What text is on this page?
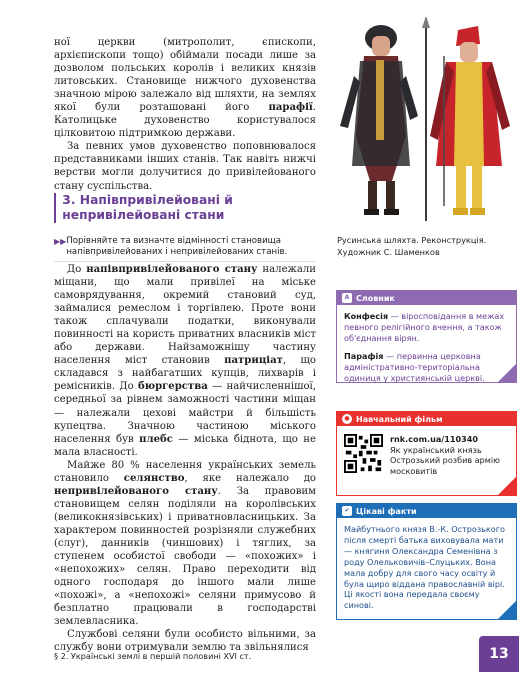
ної церкви (митрополит, єпископи, архієпископи тощо) обіймали посади лише за дозволом польських королів і великих князів литовських. Становище нижчого духовенства значною мірою залежало від шляхти, на землях якої були розташовані його парафії. Католицьке духовенство користувалося цілковитою підтримкою держави.

За певних умов духовенство поповнювалося представниками інших станів. Так навіть нижчі верстви могли долучитися до привілейованого стану суспільства.

3. Напівпривілейовані й непривілейовані стани
▶▶ Порівняйте та визначте відмінності становища напівпривілейованих і непривілейованих станів.

До напівпривілейованого стану належали міщани, що мали привілеї на міське самоврядування, окремий становий суд, займалися ремеслом і торгівлею. Проте вони також сплачували податки, виконували повинності на користь приватних власників міст або держави. Найзаможнішу частину населення міст становив патриціат, що складався з найбагатших купців, лихварів і ремісників. До бюргерства — найчисленнішої, середньої за рівнем заможності частини міщан — належали цехові майстри й більшість купецтва. Значною частиною міського населення був плебс — міська біднота, що не мала власності.

Майже 80 % населення українських земель становило селянство, яке належало до непривілейованого стану. За правовим становищем селян поділяли на королівських (великокнязівських) і приватновласницьких. За характером повинностей розрізняли служебних (слуг), данників (чиншових) і тяглих, за ступенем особистої свободи — «похожих» і «непохожих» селян. Право переходити від одного господаря до іншого мали лише «похожі», а «непохожі» селяни примусово й безплатно працювали в господарстві землевласника.

Службові селяни були особисто вільними, за службу вони отримували землю та звільнялися

Русинська шляхта. Реконструкція. Художник С. Шаменков
А Словник
Конфесія — віросповідання в межах певного релігійного вчення, а також об'єднання вірян.
Парафія — первинна церковна адміністративно-територіальна одиниця у християнській церкві.
● Навчальний фільм
rnk.com.ua/110340
Як український князь Острозький розбив армію московитів
✔ Цікаві факти
Майбутнього князя В.-К. Острозького після смерті батька виховувала мати — княгиня Олександра Семенівна з роду Олельковичів–Слуцьких. Вона мала добру для свого часу освіту й була щиро віддана православній вірі. Ці якості вона передала своєму синові.
§ 2. Українські землі в першій половині XVI ст.	13
